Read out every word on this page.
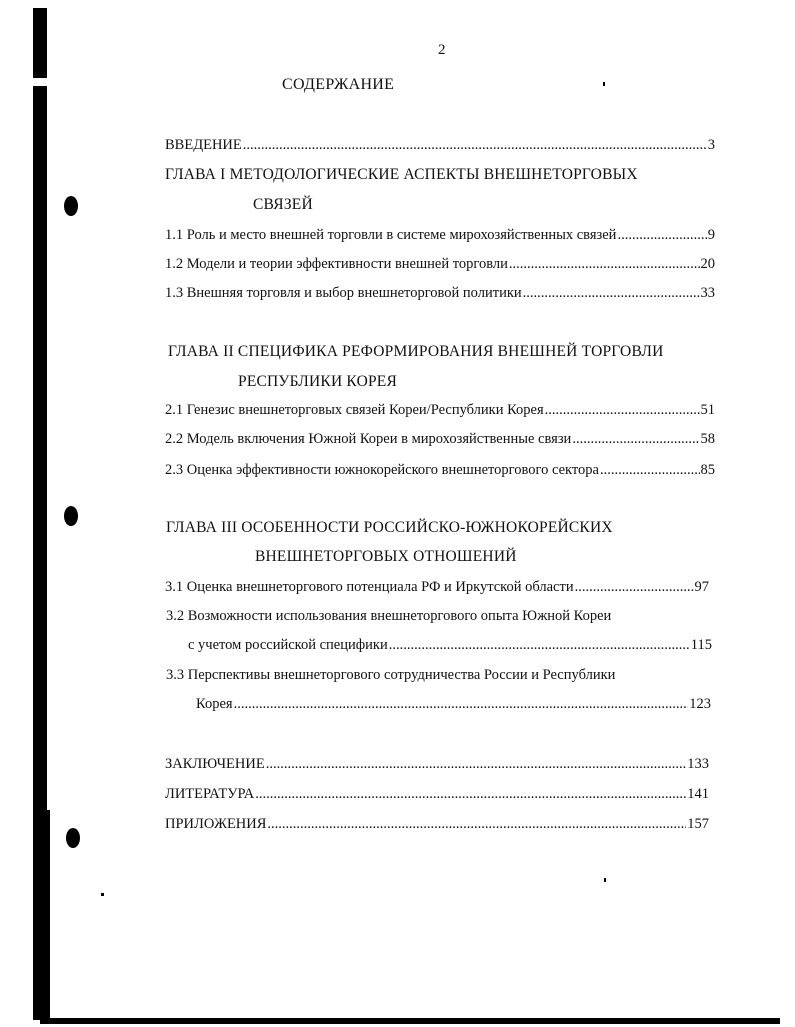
2
СОДЕРЖАНИЕ
ВВЕДЕНИЕ .....	3
ГЛАВА I МЕТОДОЛОГИЧЕСКИЕ АСПЕКТЫ ВНЕШНЕТОРГОВЫХ
СВЯЗЕЙ
1.1 Роль и место внешней торговли в системе мирохозяйственных связей .....	9
1.2 Модели и теории эффективности внешней торговли .....	20
1.3 Внешняя торговля и выбор внешнеторговой политики .....	33
ГЛАВА II СПЕЦИФИКА РЕФОРМИРОВАНИЯ ВНЕШНЕЙ ТОРГОВЛИ
РЕСПУБЛИКИ КОРЕЯ
2.1 Генезис внешнеторговых связей Кореи/Республики Корея .....	51
2.2 Модель включения Южной Кореи в мирохозяйственные связи .....	58
2.3 Оценка эффективности южнокорейского внешнеторгового сектора .....	85
ГЛАВА III ОСОБЕННОСТИ РОССИЙСКО-ЮЖНОКОРЕЙСКИХ
ВНЕШНЕТОРГОВЫХ ОТНОШЕНИЙ
3.1 Оценка внешнеторгового потенциала РФ и Иркутской области .....	97
3.2 Возможности использования внешнеторгового опыта Южной Кореи
с учетом российской специфики .....	115
3.3 Перспективы внешнеторгового сотрудничества России и Республики
Корея .....	123
ЗАКЛЮЧЕНИЕ .....	133
ЛИТЕРАТУРА .....	141
ПРИЛОЖЕНИЯ .....	157
